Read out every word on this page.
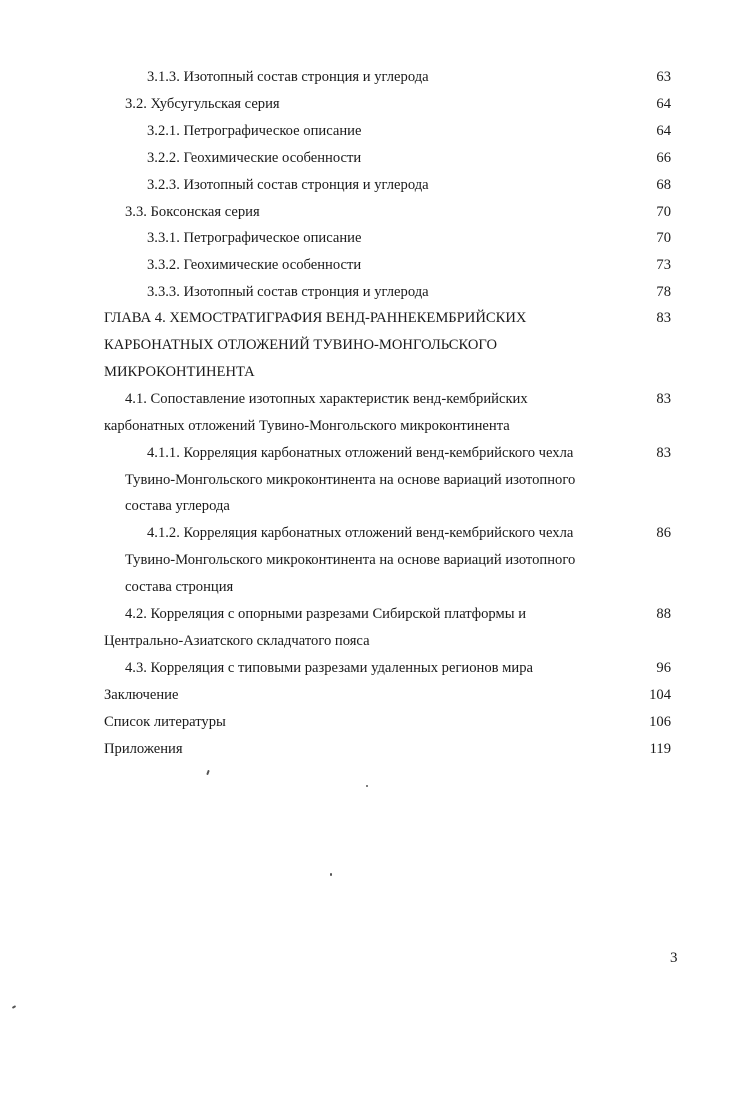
3.1.3. Изотопный состав стронция и углерода	63
3.2. Хубсугульская серия	64
3.2.1. Петрографическое описание	64
3.2.2. Геохимические особенности	66
3.2.3. Изотопный состав стронция и углерода	68
3.3. Боксонская серия	70
3.3.1. Петрографическое описание	70
3.3.2. Геохимические особенности	73
3.3.3. Изотопный состав стронция и углерода	78
ГЛАВА 4. ХЕМОСТРАТИГРАФИЯ ВЕНД-РАННЕКЕМБРИЙСКИХ	83
КАРБОНАТНЫХ ОТЛОЖЕНИЙ ТУВИНО-МОНГОЛЬСКОГО
МИКРОКОНТИНЕНТА
4.1. Сопоставление изотопных характеристик венд-кембрийских	83
карбонатных отложений Тувино-Монгольского микроконтинента
4.1.1. Корреляция карбонатных отложений венд-кембрийского чехла	83
Тувино-Монгольского микроконтинента на основе вариаций изотопного
состава углерода
4.1.2. Корреляция карбонатных отложений венд-кембрийского чехла	86
Тувино-Монгольского микроконтинента на основе вариаций изотопного
состава стронция
4.2. Корреляция с опорными разрезами Сибирской платформы и	88
Центрально-Азиатского складчатого пояса
4.3. Корреляция с типовыми разрезами удаленных регионов мира	96
Заключение	104
Список литературы	106
Приложения	119
3
